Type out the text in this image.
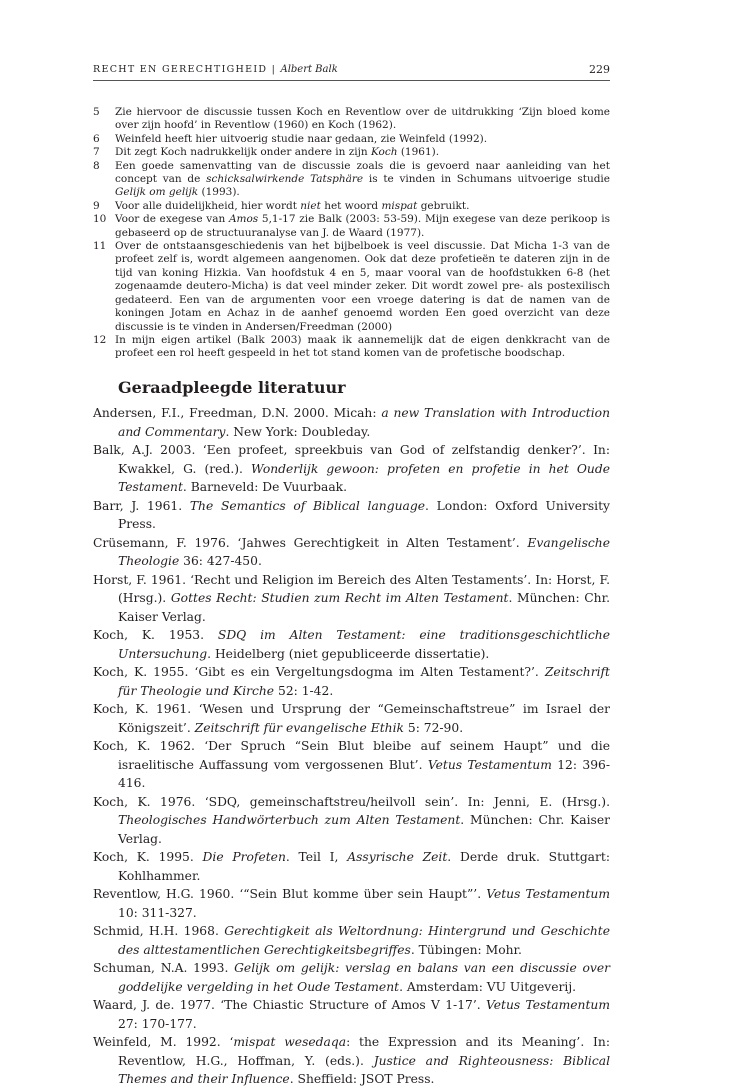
RECHT EN GERECHTIGHEID | Albert Balk	229
5 Zie hiervoor de discussie tussen Koch en Reventlow over de uitdrukking ‘Zijn bloed kome over zijn hoofd’ in Reventlow (1960) en Koch (1962).
6 Weinfeld heeft hier uitvoerig studie naar gedaan, zie Weinfeld (1992).
7 Dit zegt Koch nadrukkelijk onder andere in zijn Koch (1961).
8 Een goede samenvatting van de discussie zoals die is gevoerd naar aanleiding van het concept van de schicksalwirkende Tatsphäre is te vinden in Schumans uitvoerige studie Gelijk om gelijk (1993).
9 Voor alle duidelijkheid, hier wordt niet het woord mispat gebruikt.
10 Voor de exegese van Amos 5,1-17 zie Balk (2003: 53-59). Mijn exegese van deze perikoop is gebaseerd op de structuuranalyse van J. de Waard (1977).
11 Over de ontstaansgeschiedenis van het bijbelboek is veel discussie. Dat Micha 1-3 van de profeet zelf is, wordt algemeen aangenomen. Ook dat deze profetieën te dateren zijn in de tijd van koning Hizkia. Van hoofdstuk 4 en 5, maar vooral van de hoofdstukken 6-8 (het zogenaamde deutero-Micha) is dat veel minder zeker. Dit wordt zowel pre- als postexilisch gedateerd. Een van de argumenten voor een vroege datering is dat de namen van de koningen Jotam en Achaz in de aanhef genoemd worden Een goed overzicht van deze discussie is te vinden in Andersen/Freedman (2000)
12 In mijn eigen artikel (Balk 2003) maak ik aannemelijk dat de eigen denkkracht van de profeet een rol heeft gespeeld in het tot stand komen van de profetische boodschap.
Geraadpleegde literatuur
Andersen, F.I., Freedman, D.N. 2000. Micah: a new Translation with Introduction and Commentary. New York: Doubleday.
Balk, A.J. 2003. ‘Een profeet, spreekbuis van God of zelfstandig denker?’. In: Kwakkel, G. (red.). Wonderlijk gewoon: profeten en profetie in het Oude Testament. Barneveld: De Vuurbaak.
Barr, J. 1961. The Semantics of Biblical language. London: Oxford University Press.
Crüsemann, F. 1976. ‘Jahwes Gerechtigkeit in Alten Testament’. Evangelische Theologie 36: 427-450.
Horst, F. 1961. ‘Recht und Religion im Bereich des Alten Testaments’. In: Horst, F. (Hrsg.). Gottes Recht: Studien zum Recht im Alten Testament. München: Chr. Kaiser Verlag.
Koch, K. 1953. SDQ im Alten Testament: eine traditionsgeschichtliche Untersuchung. Heidelberg (niet gepubliceerde dissertatie).
Koch, K. 1955. ‘Gibt es ein Vergeltungsdogma im Alten Testament?’. Zeitschrift für Theologie und Kirche 52: 1-42.
Koch, K. 1961. ‘Wesen und Ursprung der “Gemeinschaftstreue” im Israel der Königszeit’. Zeitschrift für evangelische Ethik 5: 72-90.
Koch, K. 1962. ‘Der Spruch “Sein Blut bleibe auf seinem Haupt” und die israelitische Auffassung vom vergossenen Blut’. Vetus Testamentum 12: 396-416.
Koch, K. 1976. ‘SDQ, gemeinschaftstreu/heilvoll sein’. In: Jenni, E. (Hrsg.). Theologisches Handwörterbuch zum Alten Testament. München: Chr. Kaiser Verlag.
Koch, K. 1995. Die Profeten. Teil I, Assyrische Zeit. Derde druk. Stuttgart: Kohlhammer.
Reventlow, H.G. 1960. ‘“Sein Blut komme über sein Haupt”’. Vetus Testamentum 10: 311-327.
Schmid, H.H. 1968. Gerechtigkeit als Weltordnung: Hintergrund und Geschichte des alttestamentlichen Gerechtigkeitsbegriffes. Tübingen: Mohr.
Schuman, N.A. 1993. Gelijk om gelijk: verslag en balans van een discussie over goddelijke vergelding in het Oude Testament. Amsterdam: VU Uitgeverij.
Waard, J. de. 1977. ‘The Chiastic Structure of Amos V 1-17’. Vetus Testamentum 27: 170-177.
Weinfeld, M. 1992. ‘mispat wesedaqa: the Expression and its Meaning’. In: Reventlow, H.G., Hoffman, Y. (eds.). Justice and Righteousness: Biblical Themes and their Influence. Sheffield: JSOT Press.
